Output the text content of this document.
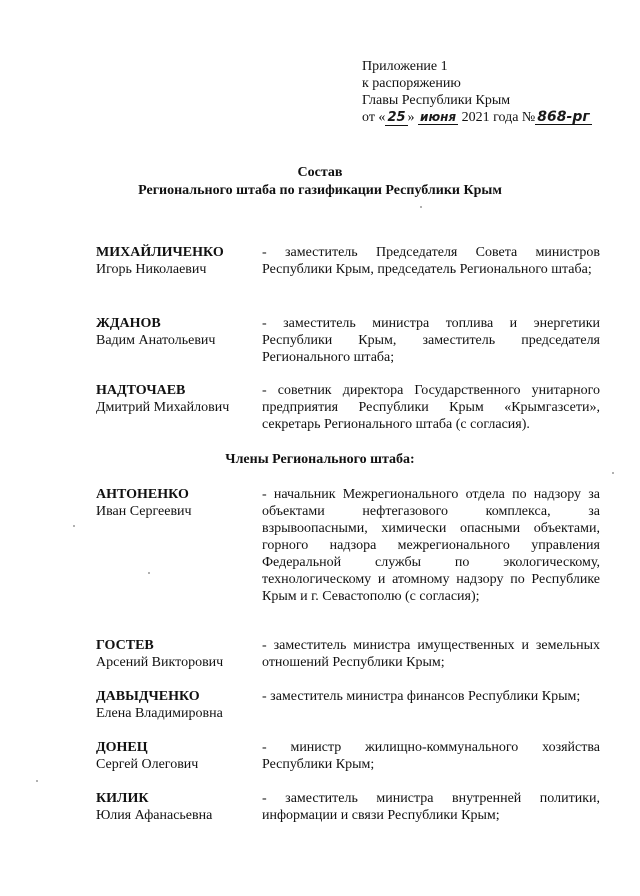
Приложение 1
к распоряжению
Главы Республики Крым
от « 25 » июня 2021 года № 868-рг
Состав
Регионального штаба по газификации Республики Крым
МИХАЙЛИЧЕНКО
Игорь Николаевич
- заместитель Председателя Совета министров Республики Крым, председатель Регионального штаба;
ЖДАНОВ
Вадим Анатольевич
- заместитель министра топлива и энергетики Республики Крым, заместитель председателя Регионального штаба;
НАДТОЧАЕВ
Дмитрий Михайлович
- советник директора Государственного унитарного предприятия Республики Крым «Крымгазсети», секретарь Регионального штаба (с согласия).
Члены Регионального штаба:
АНТОНЕНКО
Иван Сергеевич
- начальник Межрегионального отдела по надзору за объектами нефтегазового комплекса, за взрывоопасными, химически опасными объектами, горного надзора межрегионального управления Федеральной службы по экологическому, технологическому и атомному надзору по Республике Крым и г. Севастополю (с согласия);
ГОСТЕВ
Арсений Викторович
- заместитель министра имущественных и земельных отношений Республики Крым;
ДАВЫДЧЕНКО
Елена Владимировна
- заместитель министра финансов Республики Крым;
ДОНЕЦ
Сергей Олегович
- министр жилищно-коммунального хозяйства Республики Крым;
КИЛИК
Юлия Афанасьевна
- заместитель министра внутренней политики, информации и связи Республики Крым;
